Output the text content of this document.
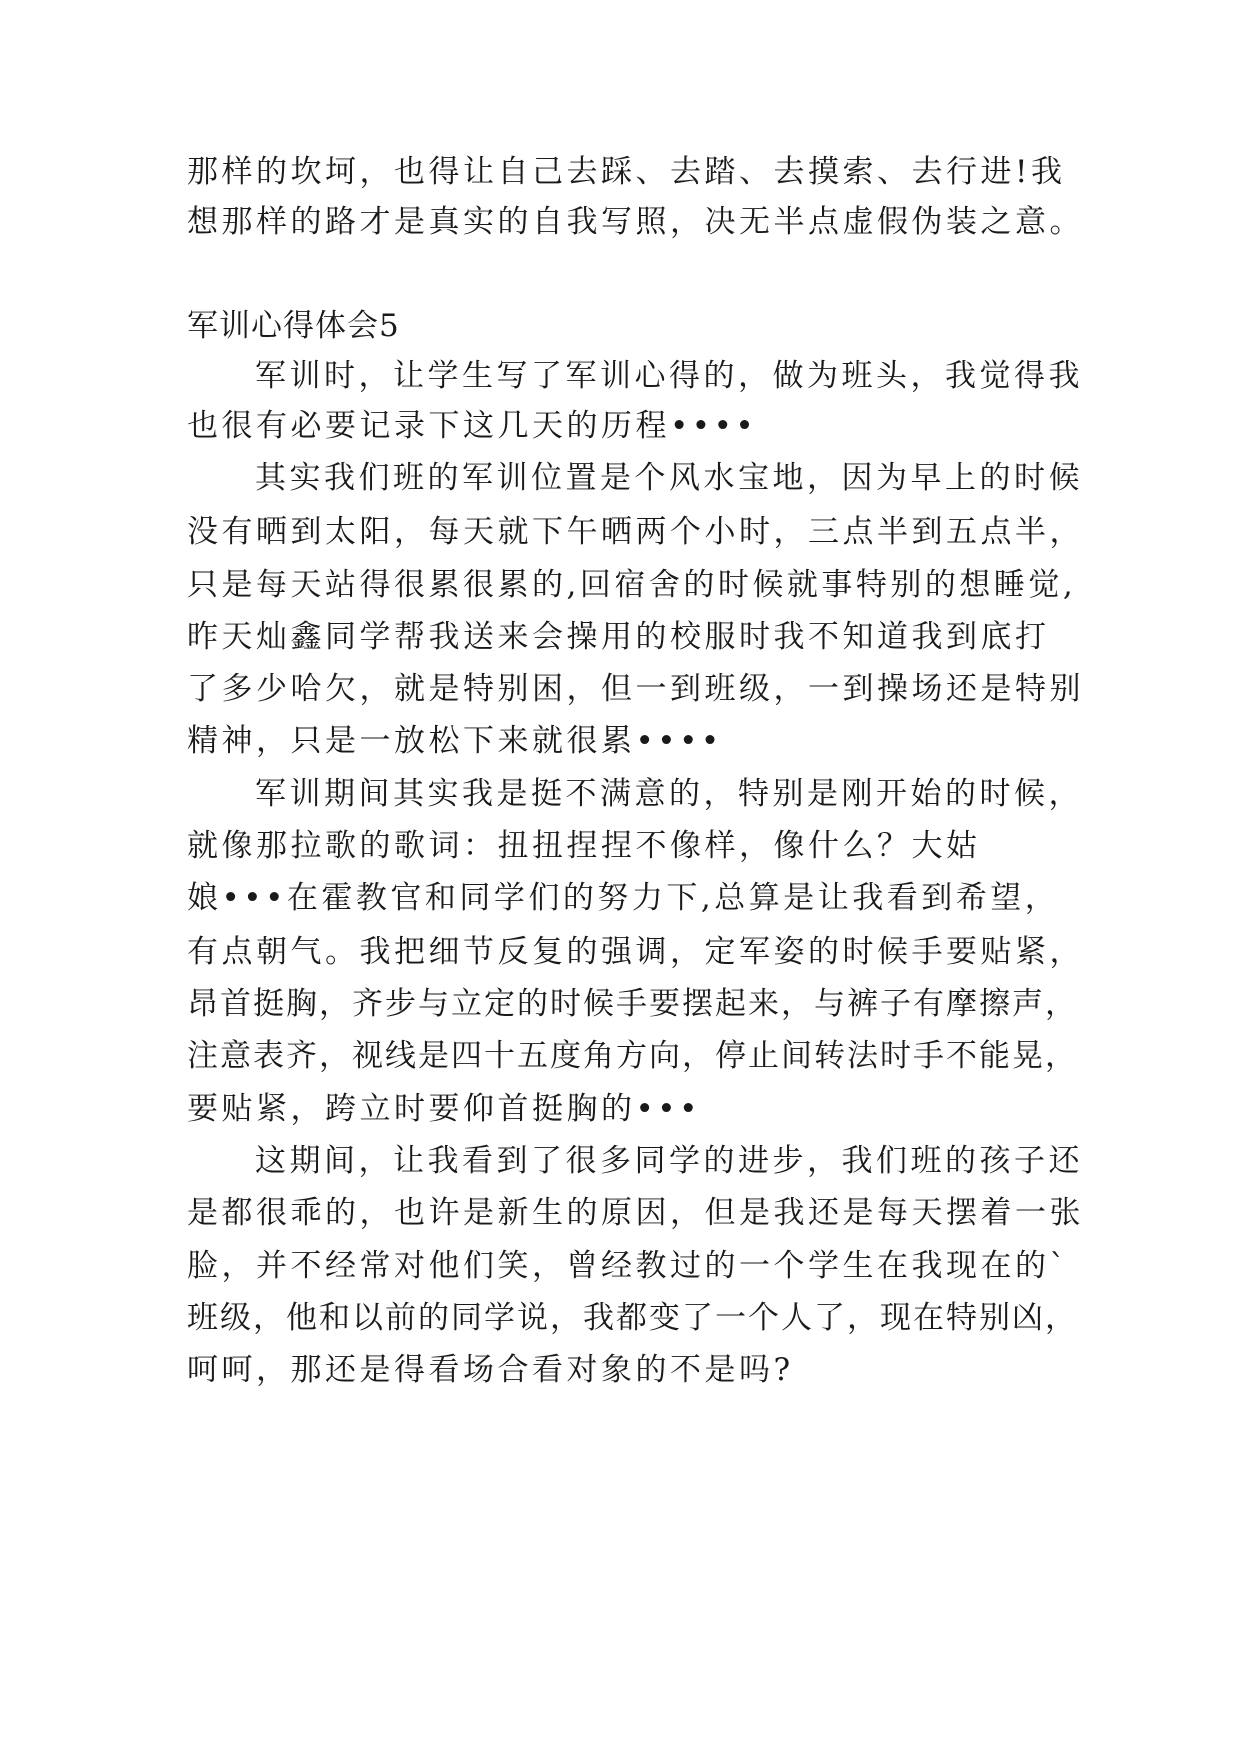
那样的坎坷，也得让自己去踩、去踏、去摸索、去行进!我
想那样的路才是真实的自我写照，决无半点虚假伪装之意。
军训心得体会5
军训时，让学生写了军训心得的，做为班头，我觉得我
也很有必要记录下这几天的历程••••
其实我们班的军训位置是个风水宝地，因为早上的时候
没有晒到太阳，每天就下午晒两个小时，三点半到五点半，
只是每天站得很累很累的,回宿舍的时候就事特别的想睡觉,
昨天灿鑫同学帮我送来会操用的校服时我不知道我到底打
了多少哈欠，就是特别困，但一到班级，一到操场还是特别
精神，只是一放松下来就很累••••
军训期间其实我是挺不满意的，特别是刚开始的时候，
就像那拉歌的歌词：扭扭捏捏不像样，像什么？大姑
娘•••在霍教官和同学们的努力下,总算是让我看到希望，
有点朝气。我把细节反复的强调，定军姿的时候手要贴紧，
昂首挺胸，齐步与立定的时候手要摆起来，与裤子有摩擦声，
注意表齐，视线是四十五度角方向，停止间转法时手不能晃，
要贴紧，跨立时要仰首挺胸的•••
这期间，让我看到了很多同学的进步，我们班的孩子还
是都很乖的，也许是新生的原因，但是我还是每天摆着一张
脸，并不经常对他们笑，曾经教过的一个学生在我现在的`
班级，他和以前的同学说，我都变了一个人了，现在特别凶，
呵呵，那还是得看场合看对象的不是吗?
